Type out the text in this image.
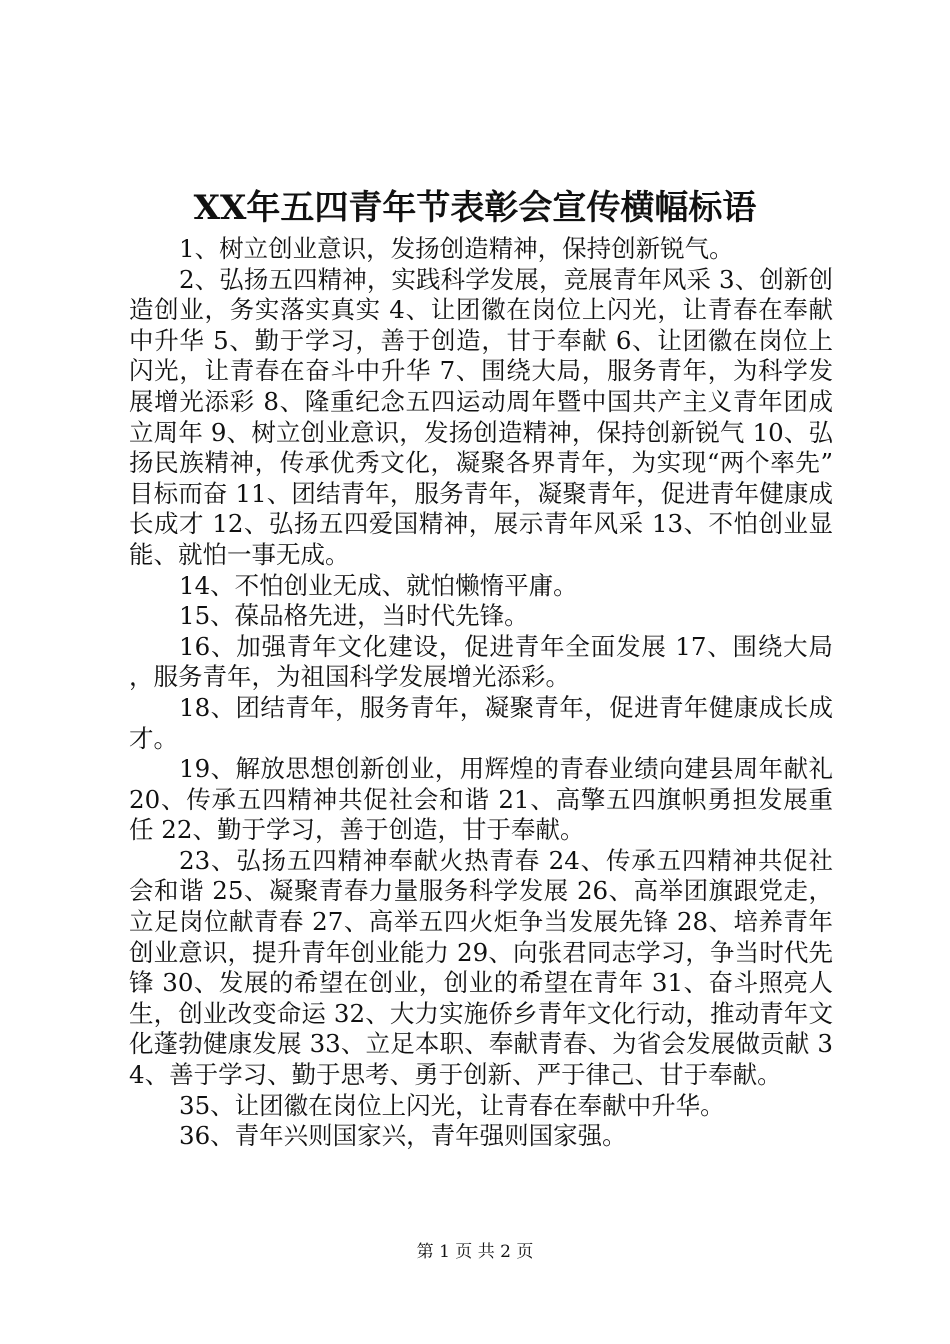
XX年五四青年节表彰会宣传横幅标语

1、树立创业意识，发扬创造精神，保持创新锐气。

2、弘扬五四精神，实践科学发展，竞展青年风采 3、创新创造创业，务实落实真实 4、让团徽在岗位上闪光，让青春在奉献中升华 5、勤于学习，善于创造，甘于奉献 6、让团徽在岗位上闪光，让青春在奋斗中升华 7、围绕大局，服务青年，为科学发展增光添彩 8、隆重纪念五四运动周年暨中国共产主义青年团成立周年 9、树立创业意识，发扬创造精神，保持创新锐气 10、弘扬民族精神，传承优秀文化，凝聚各界青年，为实现“两个率先”目标而奋 11、团结青年，服务青年，凝聚青年，促进青年健康成长成才 12、弘扬五四爱国精神，展示青年风采 13、不怕创业显能、就怕一事无成。

14、不怕创业无成、就怕懒惰平庸。

15、葆品格先进，当时代先锋。

16、加强青年文化建设，促进青年全面发展 17、围绕大局，服务青年，为祖国科学发展增光添彩。

18、团结青年，服务青年，凝聚青年，促进青年健康成长成才。

19、解放思想创新创业，用辉煌的青春业绩向建县周年献礼 20、传承五四精神共促社会和谐 21、高擎五四旗帜勇担发展重任 22、勤于学习，善于创造，甘于奉献。

23、弘扬五四精神奉献火热青春 24、传承五四精神共促社会和谐 25、凝聚青春力量服务科学发展 26、高举团旗跟党走，立足岗位献青春 27、高举五四火炬争当发展先锋 28、培养青年创业意识，提升青年创业能力 29、向张君同志学习，争当时代先锋 30、发展的希望在创业，创业的希望在青年 31、奋斗照亮人生，创业改变命运 32、大力实施侨乡青年文化行动，推动青年文化蓬勃健康发展 33、立足本职、奉献青春、为省会发展做贡献 34、善于学习、勤于思考、勇于创新、严于律己、甘于奉献。

35、让团徽在岗位上闪光，让青春在奉献中升华。

36、青年兴则国家兴，青年强则国家强。

第 1 页 共 2 页
